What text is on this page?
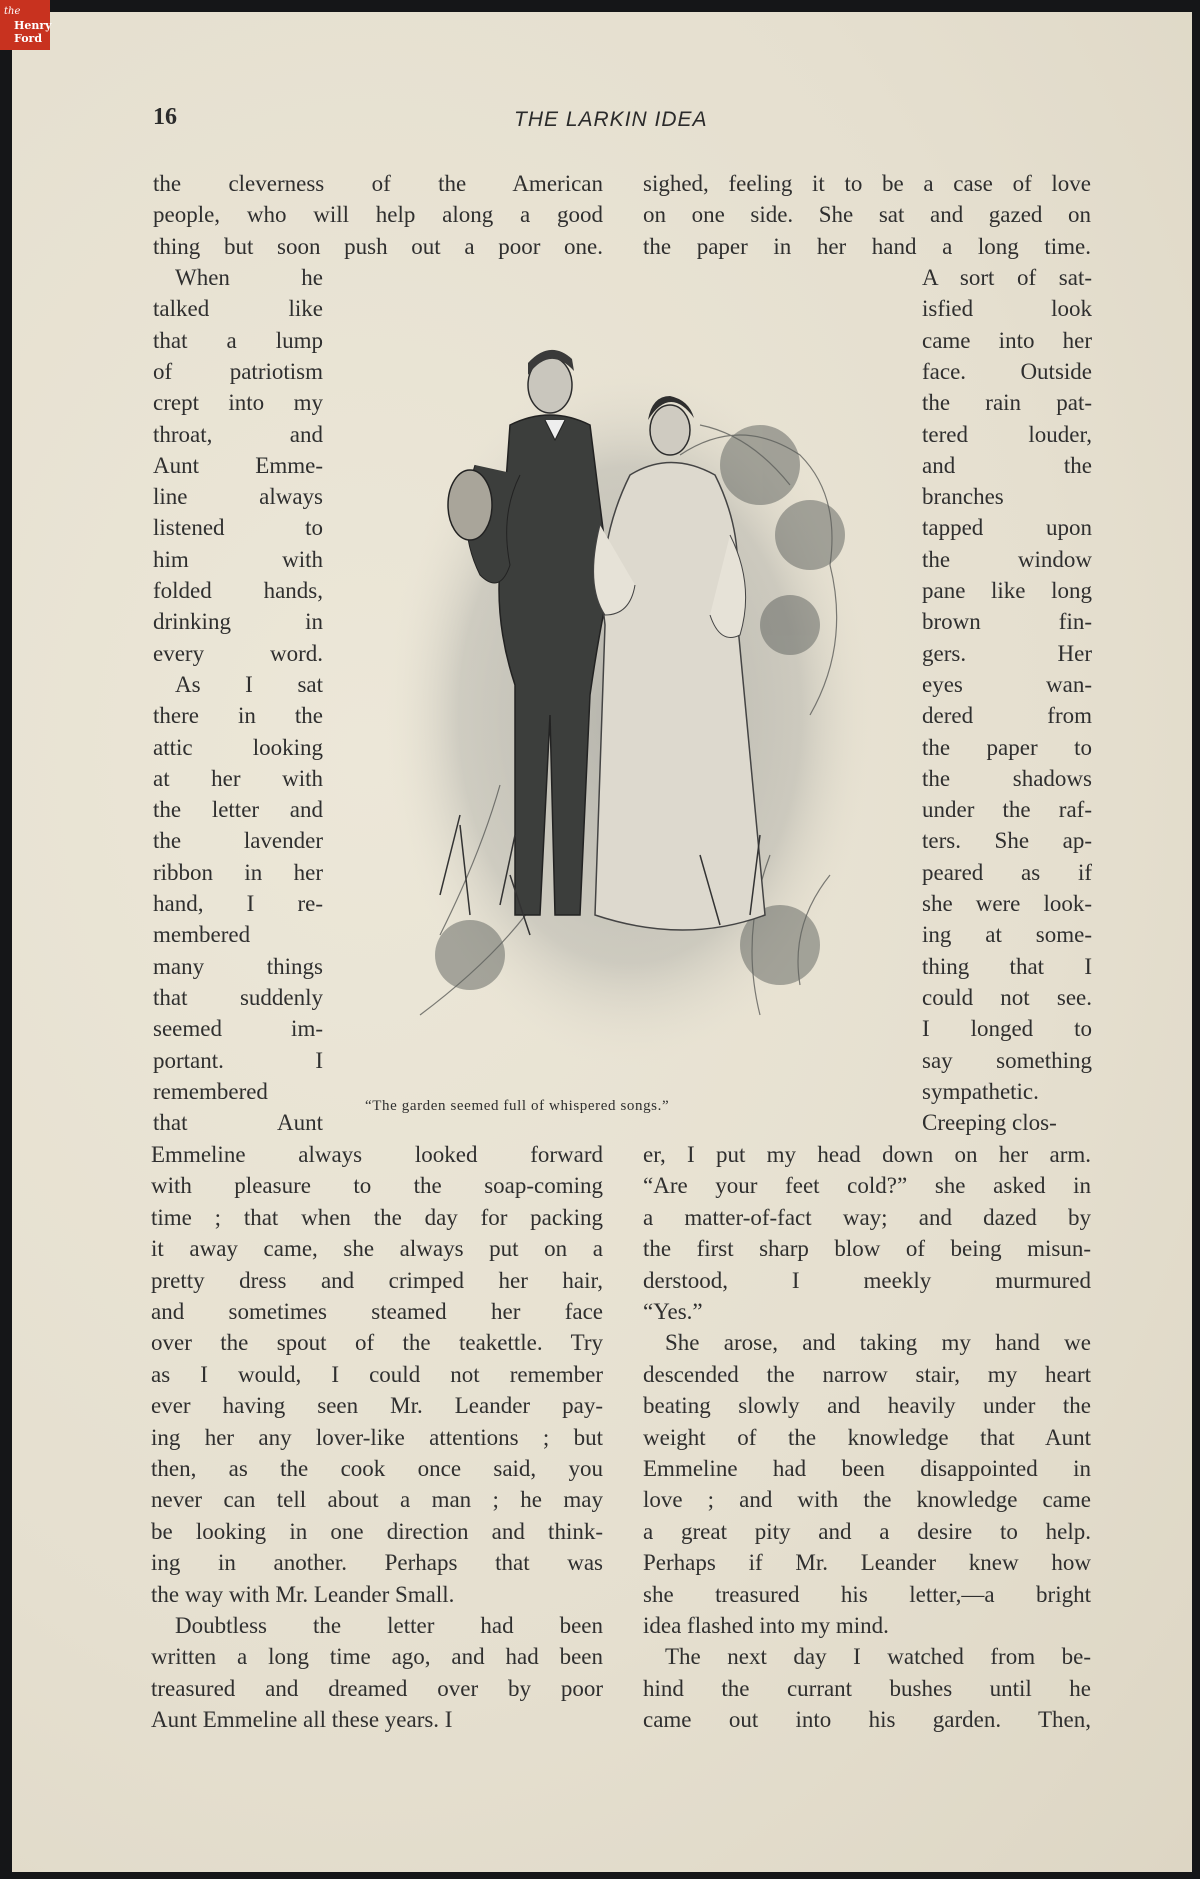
the
Henry
Ford
16	THE LARKIN IDEA
“The garden seemed full of whispered songs.”
the cleverness of the American
people, who will help along a good
thing but soon push out a poor one.
When he
talked like
that a lump
of patriotism
crept into my
throat, and
Aunt Emme-
line always
listened to
him with
folded hands,
drinking in
every word.
As I sat
there in the
attic looking
at her with
the letter and
the lavender
ribbon in her
hand, I re-
membered
many things
that suddenly
seemed im-
portant. I
remembered
that Aunt
Emmeline always looked forward
with pleasure to the soap-coming
time ; that when the day for packing
it away came, she always put on a
pretty dress and crimped her hair,
and sometimes steamed her face
over the spout of the teakettle. Try
as I would, I could not remember
ever having seen Mr. Leander pay-
ing her any lover-like attentions ; but
then, as the cook once said, you
never can tell about a man ; he may
be looking in one direction and think-
ing in another. Perhaps that was
the way with Mr. Leander Small.
Doubtless the letter had been
written a long time ago, and had been
treasured and dreamed over by poor
Aunt Emmeline all these years. I
sighed, feeling it to be a case of love
on one side. She sat and gazed on
the paper in her hand a long time.
A sort of sat-
isfied look
came into her
face. Outside
the rain pat-
tered louder,
and the
branches
tapped upon
the window
pane like long
brown fin-
gers. Her
eyes wan-
dered from
the paper to
the shadows
under the raf-
ters. She ap-
peared as if
she were look-
ing at some-
thing that I
could not see.
I longed to
say something
sympathetic.
Creeping clos-
er, I put my head down on her arm.
“Are your feet cold?” she asked in
a matter-of-fact way; and dazed by
the first sharp blow of being misun-
derstood, I meekly murmured
“Yes.”
She arose, and taking my hand we
descended the narrow stair, my heart
beating slowly and heavily under the
weight of the knowledge that Aunt
Emmeline had been disappointed in
love ; and with the knowledge came
a great pity and a desire to help.
Perhaps if Mr. Leander knew how
she treasured his letter,—a bright
idea flashed into my mind.
The next day I watched from be-
hind the currant bushes until he
came out into his garden. Then,
